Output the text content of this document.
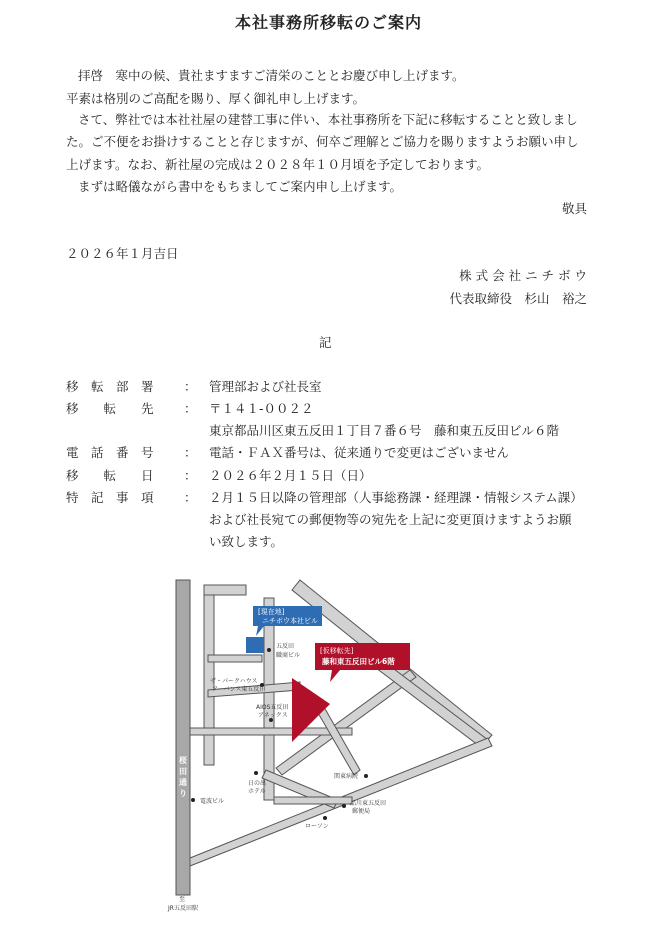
本社事務所移転のご案内
拝啓　寒中の候、貴社ますますご清栄のこととお慶び申し上げます。
平素は格別のご高配を賜り、厚く御礼申し上げます。
さて、弊社では本社社屋の建替工事に伴い、本社事務所を下記に移転することと致しまし
た。ご不便をお掛けすることと存じますが、何卒ご理解とご協力を賜りますようお願い申し
上げます。なお、新社屋の完成は２０２８年１０月頃を予定しております。
まずは略儀ながら書中をもちましてご案内申し上げます。
敬具
２０２６年１月吉日
株 式 会 社 ニ チ ボ ウ
代表取締役　杉山　裕之
記
移　転　部　署 ： 管理部および社長室
移　　転　　先 ： 〒１４１-００２２
東京都品川区東五反田１丁目７番６号　藤和東五反田ビル６階
電　話　番　号 ： 電話・ＦＡＸ番号は、従来通りで変更はございません
移　　転　　日 ： ２０２６年２月１５日（日）
特　記　事　項 ： ２月１５日以降の管理部（人事総務課・経理課・情報システム課）
および社長宛ての郵便物等の宛先を上記に変更頂けますようお願
い致します。
[現在地]
ニチボウ本社ビル
[仮移転先]
藤和東五反田ビル6階
五反田
職商ビル
ザ・パークハウス
アーバンス東五反田
AIOS五反田
アネックス
日の出
ホテル
電波ビル
関東病院
品川東五反田
郵便局
ローソン
桜
田
通
り
桜田通り
至
JR五反田駅
